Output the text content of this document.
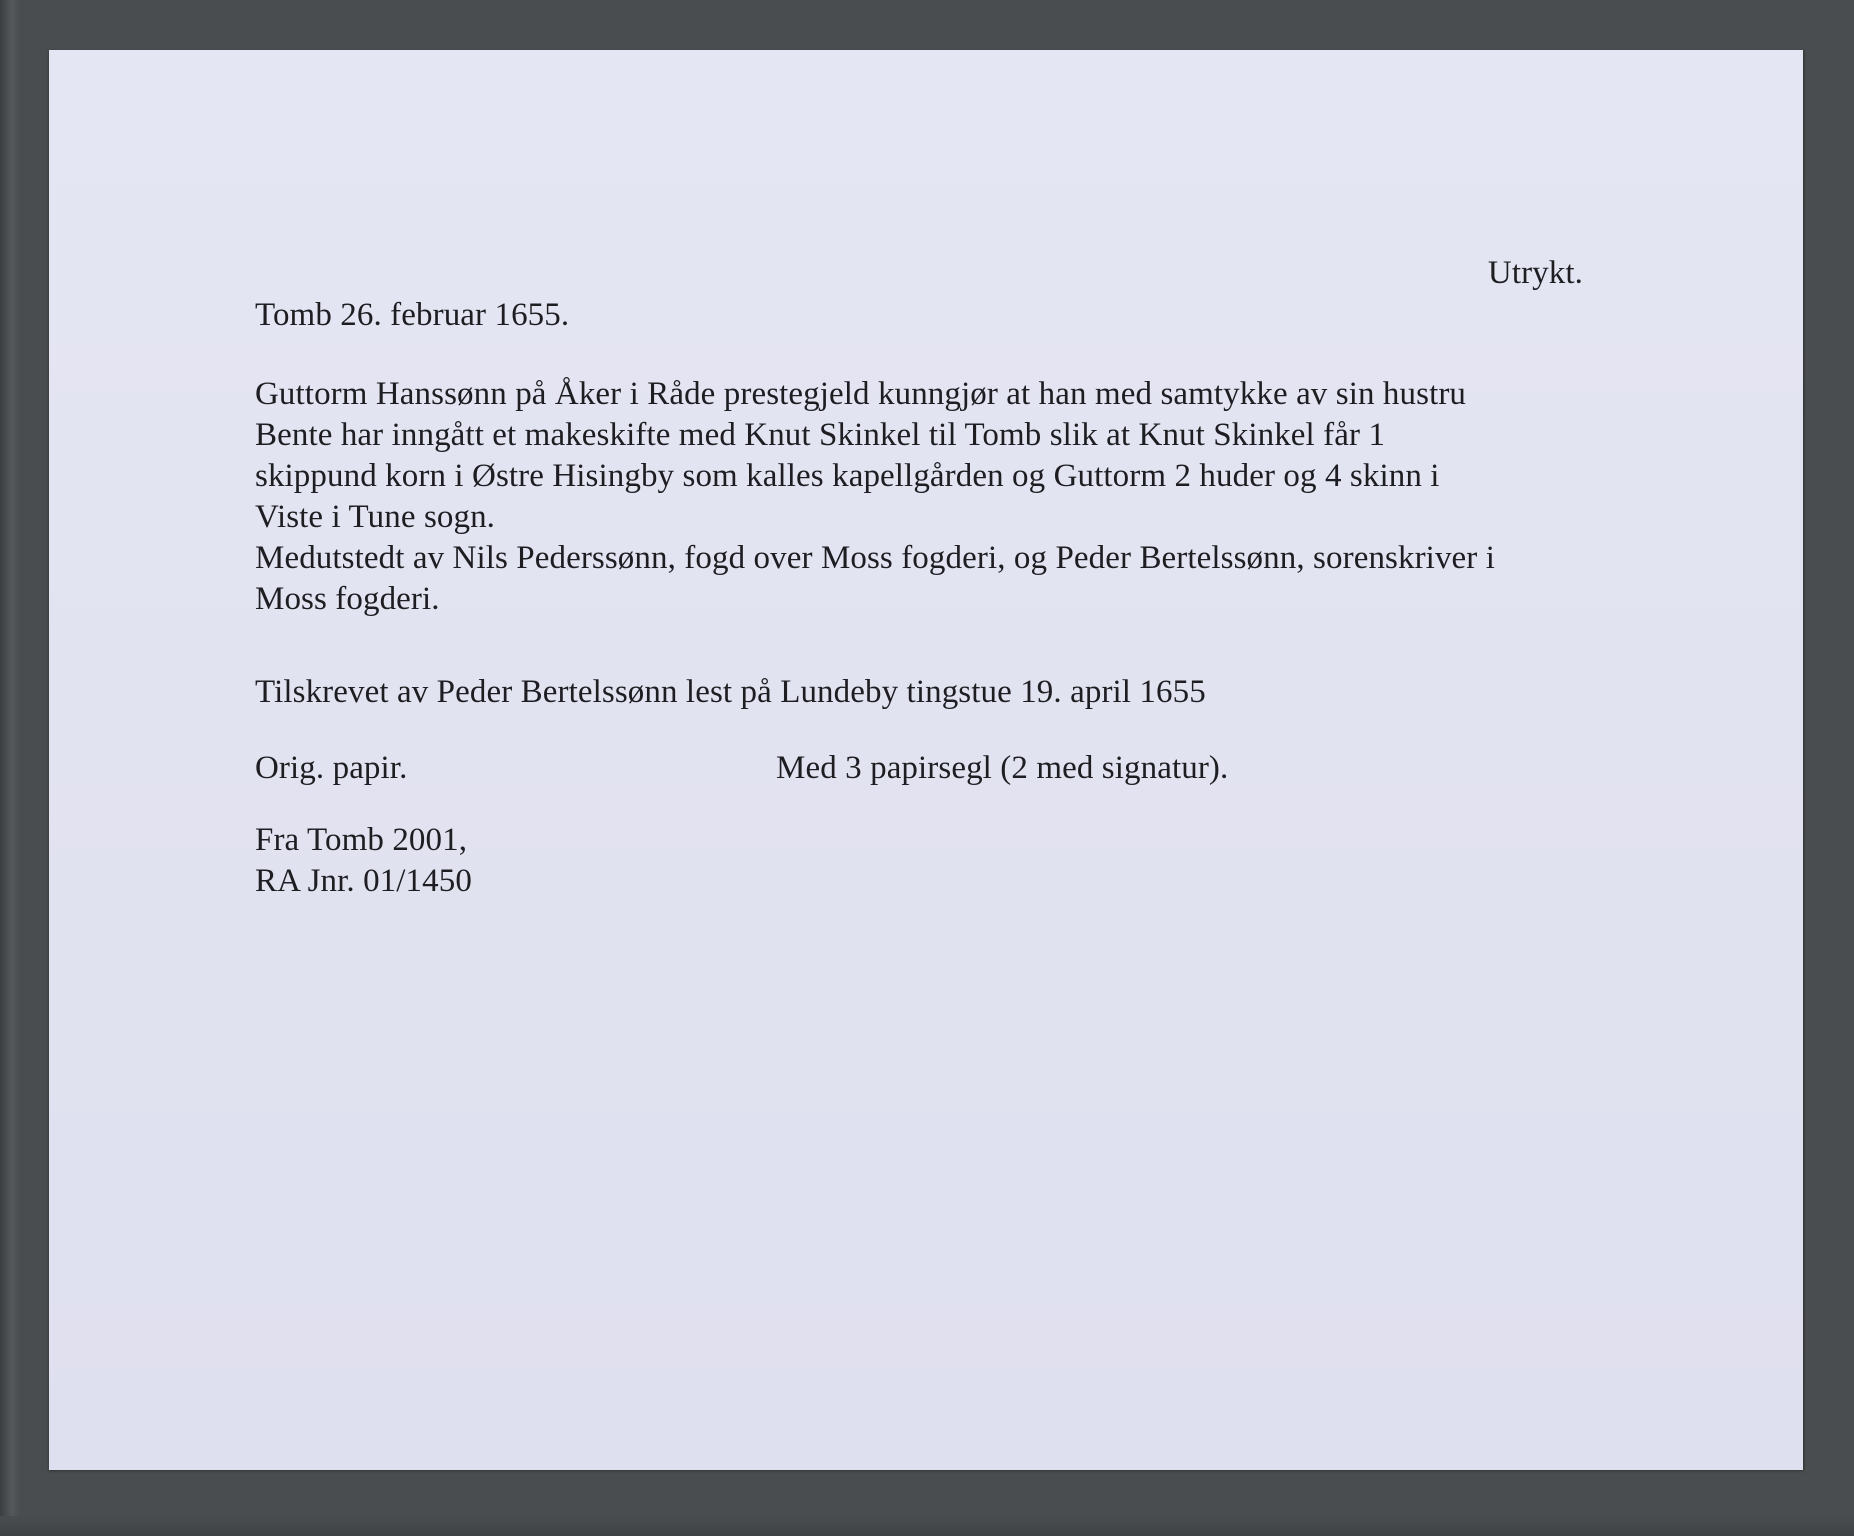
Utrykt.
Tomb 26. februar 1655.
Guttorm Hanssønn på Åker i Råde prestegjeld kunngjør at han med samtykke av sin hustru
Bente har inngått et makeskifte med Knut Skinkel til Tomb slik at Knut Skinkel får 1
skippund korn i Østre Hisingby som kalles kapellgården og Guttorm 2 huder og 4 skinn i
Viste i Tune sogn.
Medutstedt av Nils Pederssønn, fogd over Moss fogderi, og Peder Bertelssønn, sorenskriver i
Moss fogderi.
Tilskrevet av Peder Bertelssønn lest på Lundeby tingstue 19. april 1655
Orig. papir.	Med 3 papirsegl (2 med signatur).
Fra Tomb 2001,
RA Jnr. 01/1450
